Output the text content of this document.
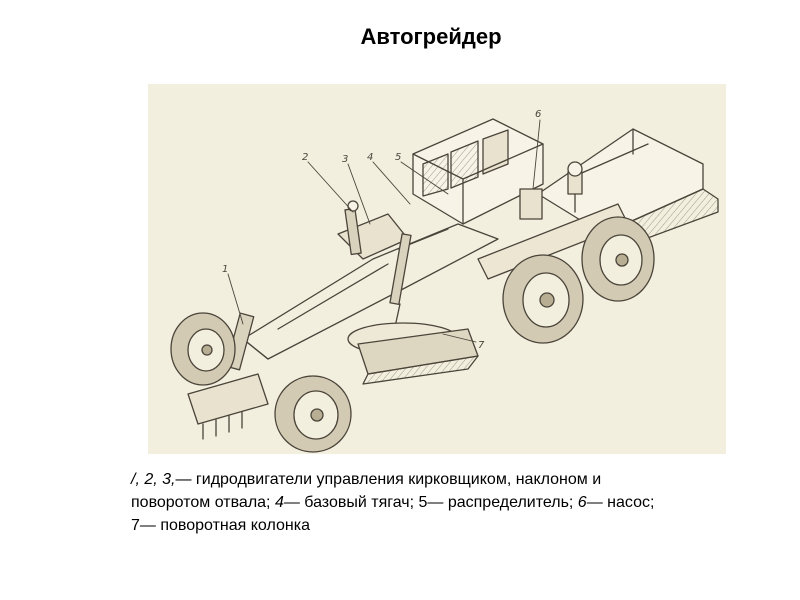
Автогрейдер
1
2	3 4 5
6
7
/, 2, 3,— гидродвигатели управления кирковщиком, наклоном и
поворотом отвала; 4— базовый тягач; 5— распределитель; 6— насос;
7— поворотная колонка
